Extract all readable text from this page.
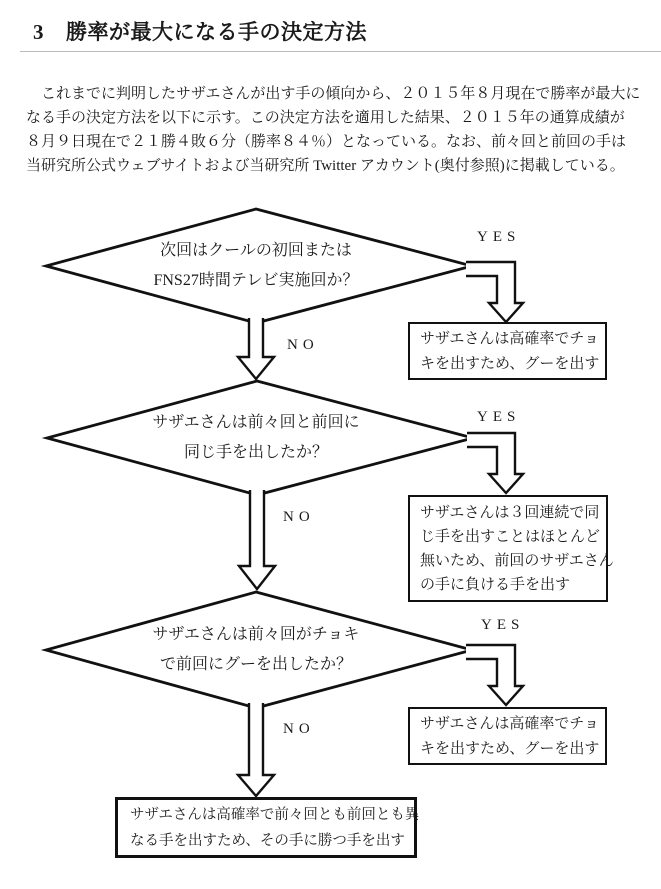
3 勝率が最大になる手の決定方法
　これまでに判明したサザエさんが出す手の傾向から、２０１５年８月現在で勝率が最大に
なる手の決定方法を以下に示す。この決定方法を適用した結果、２０１５年の通算成績が
８月９日現在で２１勝４敗６分（勝率８４％）となっている。なお、前々回と前回の手は
当研究所公式ウェブサイトおよび当研究所 Twitter アカウント(奥付参照)に掲載している。
次回はクールの初回または
FNS27時間テレビ実施回か？
サザエさんは前々回と前回に
同じ手を出したか？
サザエさんは前々回がチョキ
で前回にグーを出したか？
YES
NO
YES
NO
YES
NO
サザエさんは高確率でチョ
キを出すため、グーを出す
サザエさんは３回連続で同
じ手を出すことはほとんど
無いため、前回のサザエさん
の手に負ける手を出す
サザエさんは高確率でチョ
キを出すため、グーを出す
サザエさんは高確率で前々回とも前回とも異
なる手を出すため、その手に勝つ手を出す
